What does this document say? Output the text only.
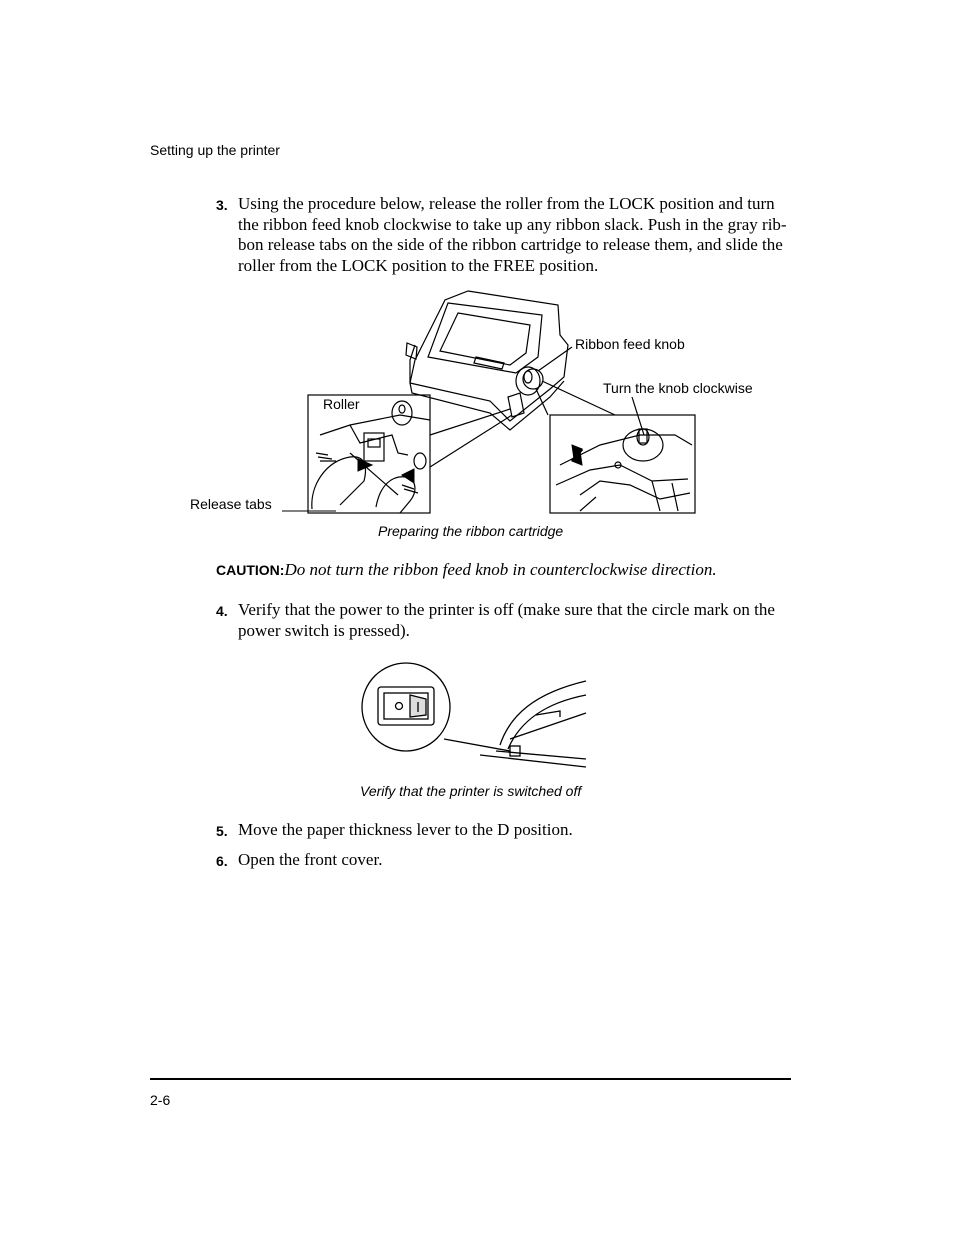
Setting up the printer
3. Using the procedure below, release the roller from the LOCK position and turn the ribbon feed knob clockwise to take up any ribbon slack. Push in the gray rib-bon release tabs on the side of the ribbon cartridge to release them, and slide the roller from the LOCK position to the FREE position.
Ribbon feed knob
Turn the knob clockwise
Roller
Release tabs
Preparing the ribbon cartridge
CAUTION:Do not turn the ribbon feed knob in counterclockwise direction.
4. Verify that the power to the printer is off (make sure that the circle mark on the power switch is pressed).
Verify that the printer is switched off
5. Move the paper thickness lever to the D position.
6. Open the front cover.
2-6
